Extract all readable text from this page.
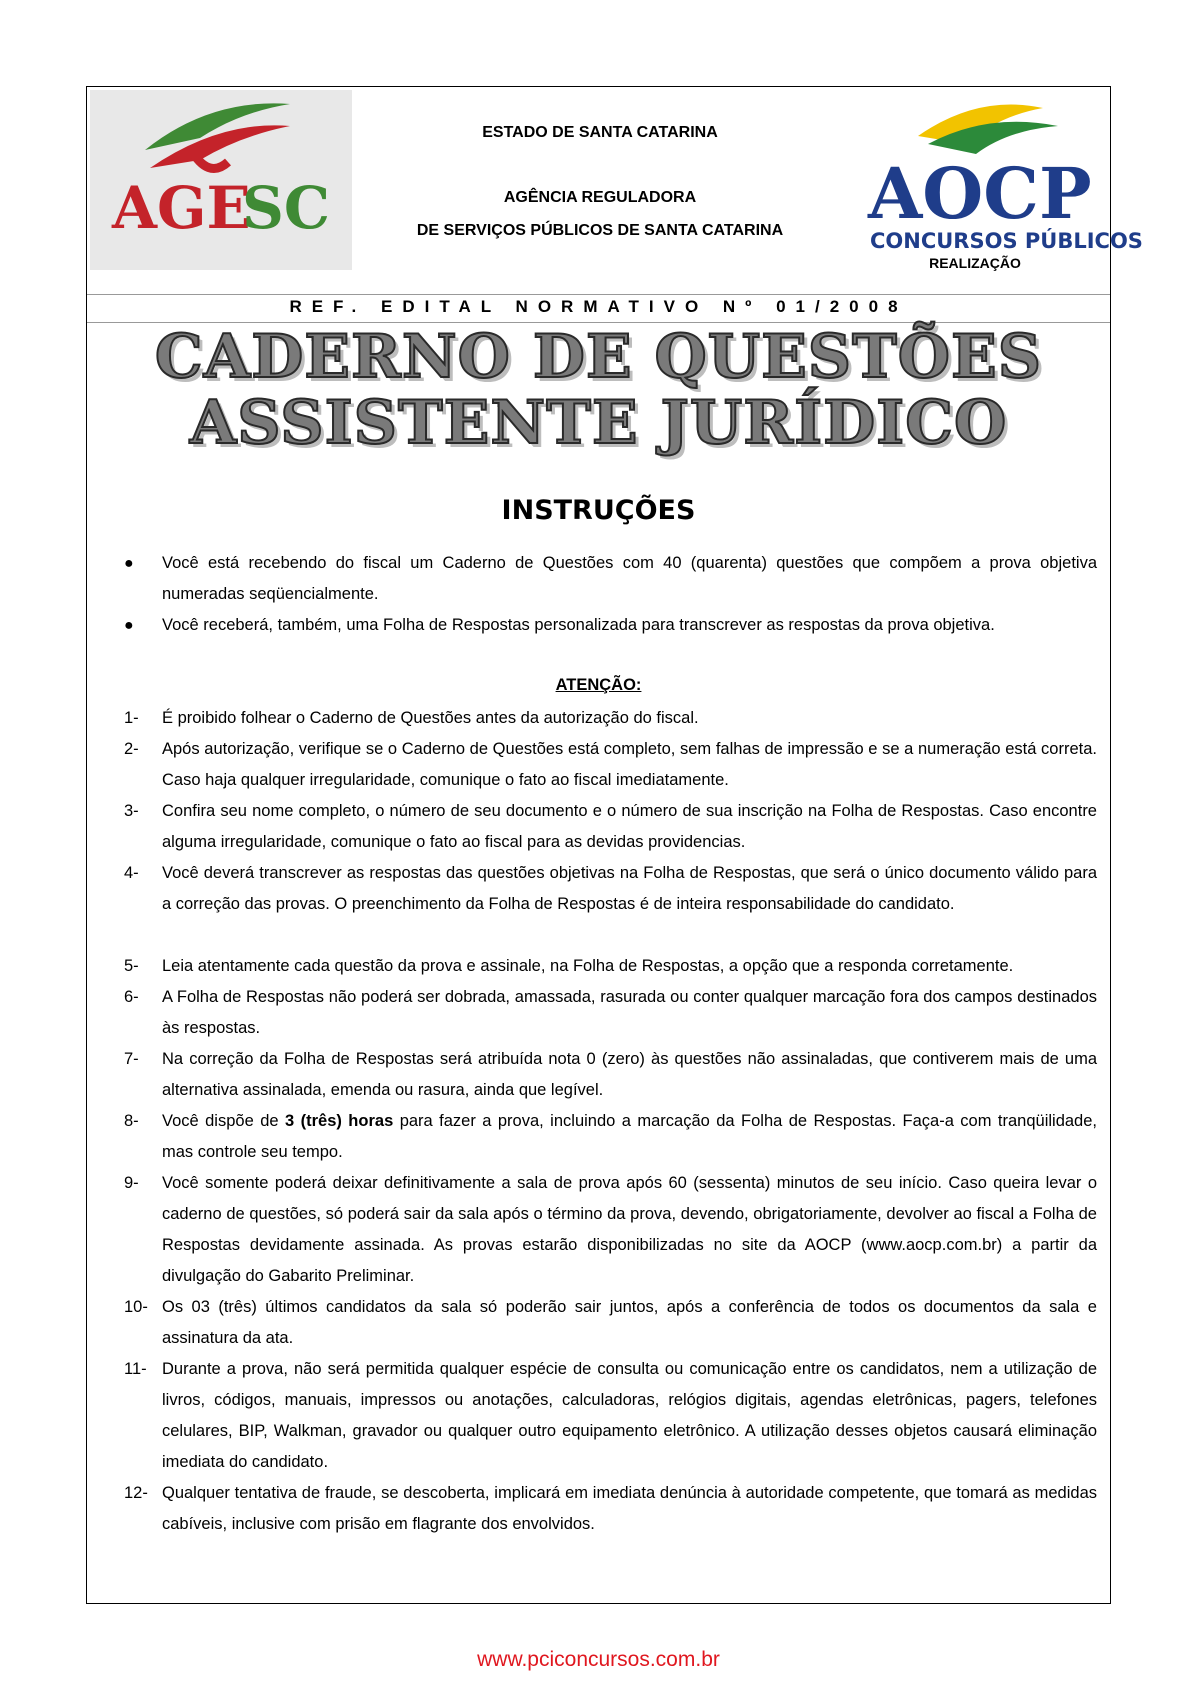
AGE
SC
ESTADO DE SANTA CATARINA
AGÊNCIA REGULADORA
DE SERVIÇOS PÚBLICOS DE SANTA CATARINA	AOCP
CONCURSOS PÚBLICOS
REALIZAÇÃO
REF. EDITAL NORMATIVO Nº 01/2008
CADERNO DE QUESTÕES
ASSISTENTE JURÍDICO
INSTRUÇÕES
● Você está recebendo do fiscal um Caderno de Questões com 40 (quarenta) questões que compõem a prova objetiva numeradas seqüencialmente.
● Você receberá, também, uma Folha de Respostas personalizada para transcrever as respostas da prova objetiva.
ATENÇÃO:
1- É proibido folhear o Caderno de Questões antes da autorização do fiscal.
2- Após autorização, verifique se o Caderno de Questões está completo, sem falhas de impressão e se a numeração está correta. Caso haja qualquer irregularidade, comunique o fato ao fiscal imediatamente.
3- Confira seu nome completo, o número de seu documento e o número de sua inscrição na Folha de Respostas. Caso encontre alguma irregularidade, comunique o fato ao fiscal para as devidas providencias.
4- Você deverá transcrever as respostas das questões objetivas na Folha de Respostas, que será o único documento válido para a correção das provas. O preenchimento da Folha de Respostas é de inteira responsabilidade do candidato.
5- Leia atentamente cada questão da prova e assinale, na Folha de Respostas, a opção que a responda corretamente.
6- A Folha de Respostas não poderá ser dobrada, amassada, rasurada ou conter qualquer marcação fora dos campos destinados às respostas.
7- Na correção da Folha de Respostas será atribuída nota 0 (zero) às questões não assinaladas, que contiverem mais de uma alternativa assinalada, emenda ou rasura, ainda que legível.
8- Você dispõe de 3 (três) horas para fazer a prova, incluindo a marcação da Folha de Respostas. Faça-a com tranqüilidade, mas controle seu tempo.
9- Você somente poderá deixar definitivamente a sala de prova após 60 (sessenta) minutos de seu início. Caso queira levar o caderno de questões, só poderá sair da sala após o término da prova, devendo, obrigatoriamente, devolver ao fiscal a Folha de Respostas devidamente assinada. As provas estarão disponibilizadas no site da AOCP (www.aocp.com.br) a partir da divulgação do Gabarito Preliminar.
10- Os 03 (três) últimos candidatos da sala só poderão sair juntos, após a conferência de todos os documentos da sala e assinatura da ata.
11- Durante a prova, não será permitida qualquer espécie de consulta ou comunicação entre os candidatos, nem a utilização de livros, códigos, manuais, impressos ou anotações, calculadoras, relógios digitais, agendas eletrônicas, pagers, telefones celulares, BIP, Walkman, gravador ou qualquer outro equipamento eletrônico. A utilização desses objetos causará eliminação imediata do candidato.
12- Qualquer tentativa de fraude, se descoberta, implicará em imediata denúncia à autoridade competente, que tomará as medidas cabíveis, inclusive com prisão em flagrante dos envolvidos.
www.pciconcursos.com.br
